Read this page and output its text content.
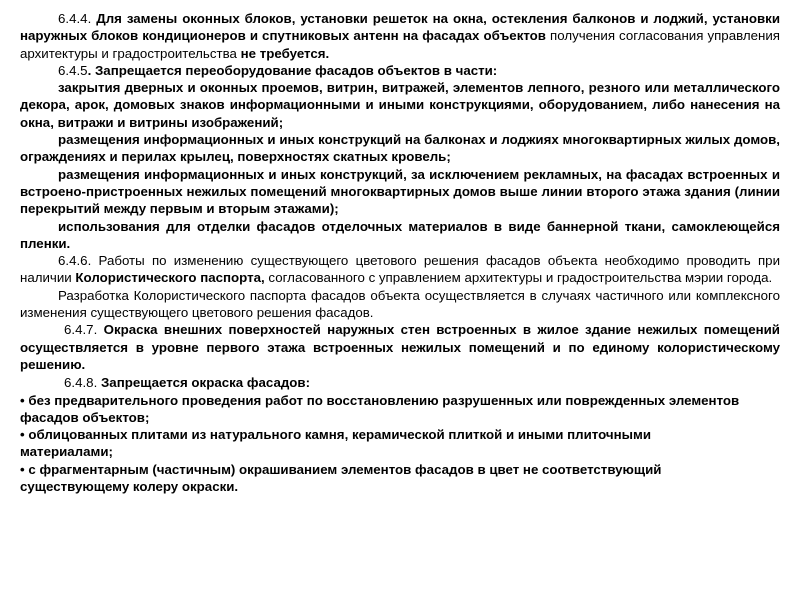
6.4.4. Для замены оконных блоков, установки решеток на окна, остекления балконов и лоджий, установки наружных блоков кондиционеров и спутниковых антенн на фасадах объектов получения согласования управления архитектуры и градостроительства не требуется.

6.4.5. Запрещается переоборудование фасадов объектов в части:

закрытия дверных и оконных проемов, витрин, витражей, элементов лепного, резного или металлического декора, арок, домовых знаков информационными и иными конструкциями, оборудованием, либо нанесения на окна, витражи и витрины изображений;

размещения информационных и иных конструкций на балконах и лоджиях многоквартирных жилых домов, ограждениях и перилах крылец, поверхностях скатных кровель;

размещения информационных и иных конструкций, за исключением рекламных, на фасадах встроенных и встроено-пристроенных нежилых помещений многоквартирных домов выше линии второго этажа здания (линии перекрытий между первым и вторым этажами);

использования для отделки фасадов отделочных материалов в виде баннерной ткани, самоклеющейся пленки.

6.4.6. Работы по изменению существующего цветового решения фасадов объекта необходимо проводить при наличии Колористического паспорта, согласованного с управлением архитектуры и градостроительства мэрии города.

Разработка Колористического паспорта фасадов объекта осуществляется в случаях частичного или комплексного изменения существующего цветового решения фасадов.

6.4.7. Окраска внешних поверхностей наружных стен встроенных в жилое здание нежилых помещений осуществляется в уровне первого этажа встроенных нежилых помещений и по единому колористическому решению.

6.4.8. Запрещается окраска фасадов:

• без предварительного проведения работ по восстановлению разрушенных или поврежденных элементов фасадов объектов;
• облицованных плитами из натурального камня, керамической плиткой и иными плиточными материалами;
• с фрагментарным (частичным) окрашиванием элементов фасадов в цвет не соответствующий существующему колеру окраски.
